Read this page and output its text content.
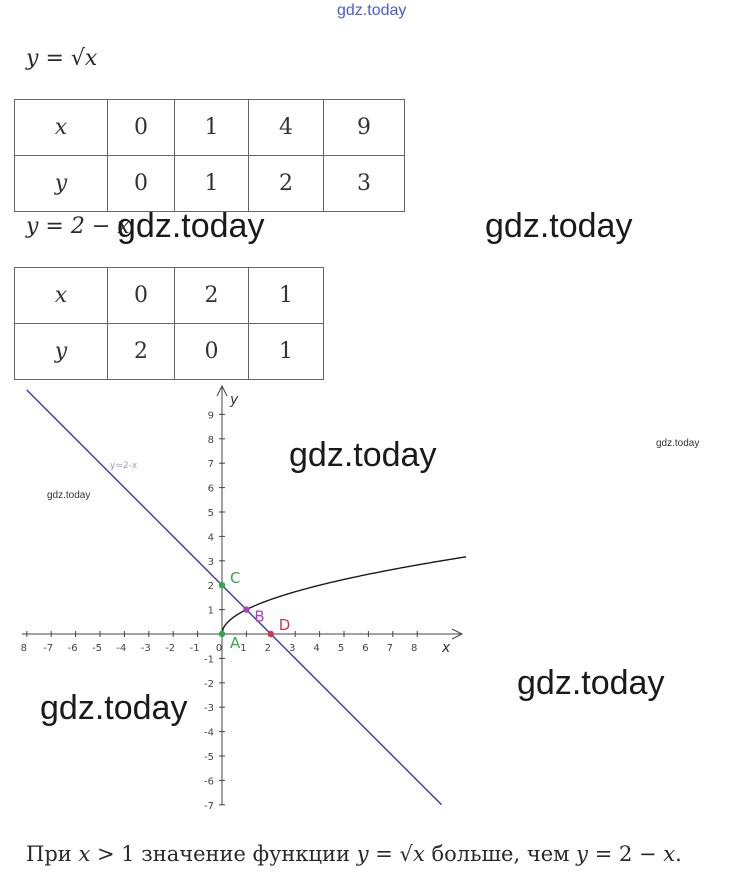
gdz.today
y = √x
x	0	1	4	9
y	0	1	2	3
y = 2 − x
gdz.today	gdz.today
x	0	2	1
y	2	0	1
x
y
8 -7 -6 -5 -4 -3 -2 -1 0 1 2 3 4 5 6 7 8
-7
-6
-5
-4
-3
-2
-1
1
2
3
4
5
6
7
8
9
y=2-x
A
C
B D
gdz.today
gdz.today
gdz.today
gdz.today
gdz.today
При x > 1 значение функции y = √x больше, чем y = 2 − x.
